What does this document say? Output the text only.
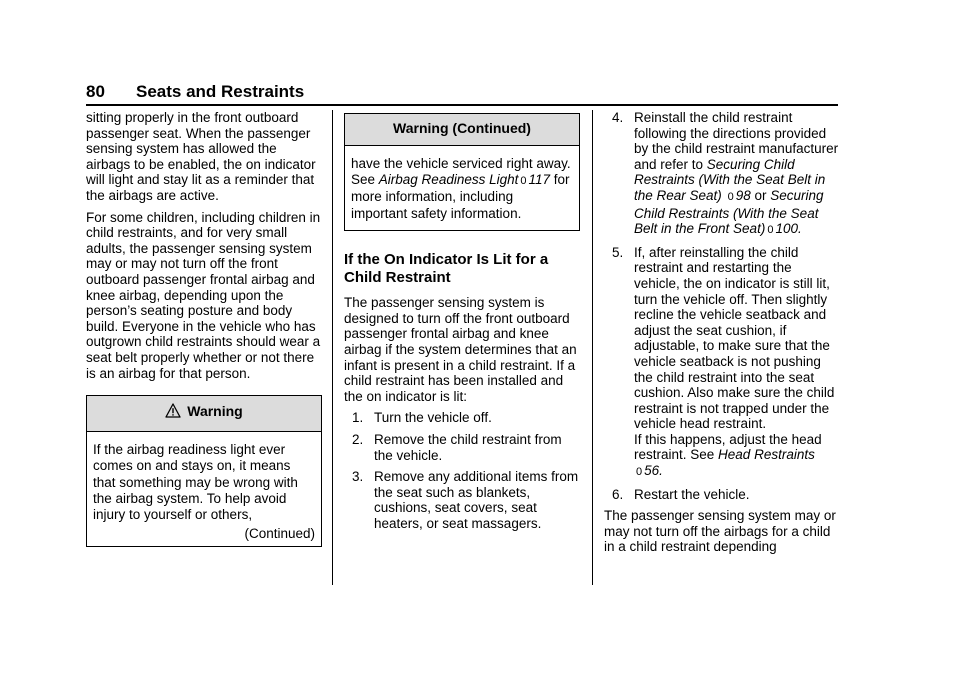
80 Seats and Restraints

sitting properly in the front outboard passenger seat. When the passenger sensing system has allowed the airbags to be enabled, the on indicator will light and stay lit as a reminder that the airbags are active.

For some children, including children in child restraints, and for very small adults, the passenger sensing system may or may not turn off the front outboard passenger frontal airbag and knee airbag, depending upon the person’s seating posture and body build. Everyone in the vehicle who has outgrown child restraints should wear a seat belt properly whether or not there is an airbag for that person.

Warning
If the airbag readiness light ever comes on and stays on, it means that something may be wrong with the airbag system. To help avoid injury to yourself or others,
(Continued)
Warning (Continued)
have the vehicle serviced right away. See Airbag Readiness Light 0 117 for more information, including important safety information.
If the On Indicator Is Lit for a Child Restraint

The passenger sensing system is designed to turn off the front outboard passenger frontal airbag and knee airbag if the system determines that an infant is present in a child restraint. If a child restraint has been installed and the on indicator is lit:

1. Turn the vehicle off.
2. Remove the child restraint from the vehicle.
3. Remove any additional items from the seat such as blankets, cushions, seat covers, seat heaters, or seat massagers.
4. Reinstall the child restraint following the directions provided by the child restraint manufacturer and refer to Securing Child Restraints (With the Seat Belt in the Rear Seat) 0 98 or Securing Child Restraints (With the Seat Belt in the Front Seat) 0 100.
5. If, after reinstalling the child restraint and restarting the vehicle, the on indicator is still lit, turn the vehicle off. Then slightly recline the vehicle seatback and adjust the seat cushion, if adjustable, to make sure that the vehicle seatback is not pushing the child restraint into the seat cushion. Also make sure the child restraint is not trapped under the vehicle head restraint.
If this happens, adjust the head restraint. See Head Restraints
0 56.
6. Restart the vehicle.

The passenger sensing system may or may not turn off the airbags for a child in a child restraint depending
